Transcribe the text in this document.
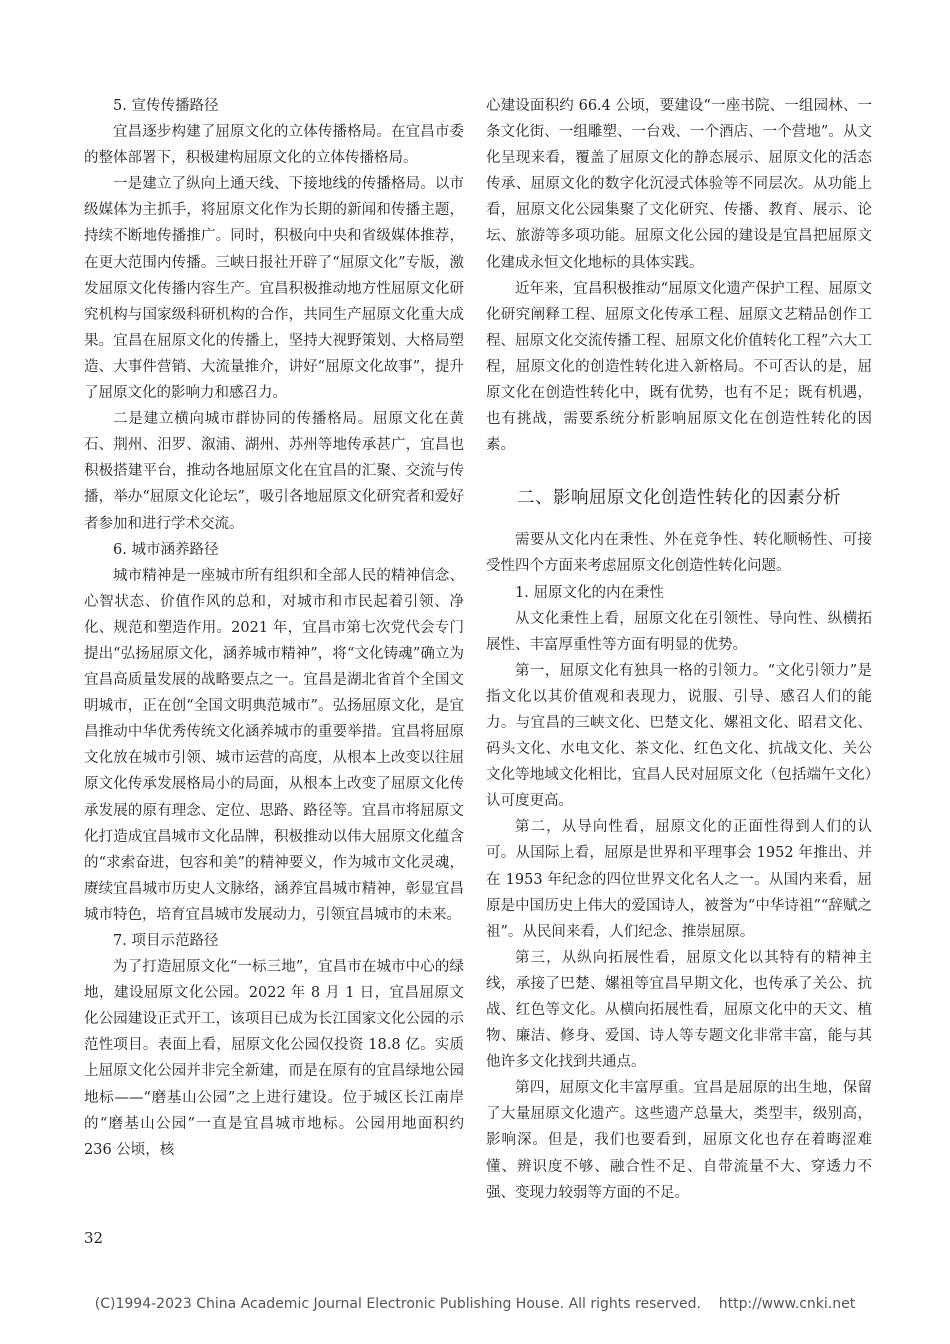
5. 宣传传播路径

宜昌逐步构建了屈原文化的立体传播格局。在宜昌市委的整体部署下，积极建构屈原文化的立体传播格局。

一是建立了纵向上通天线、下接地线的传播格局。以市级媒体为主抓手，将屈原文化作为长期的新闻和传播主题，持续不断地传播推广。同时，积极向中央和省级媒体推荐，在更大范围内传播。三峡日报社开辟了“屈原文化”专版，激发屈原文化传播内容生产。宜昌积极推动地方性屈原文化研究机构与国家级科研机构的合作，共同生产屈原文化重大成果。宜昌在屈原文化的传播上，坚持大视野策划、大格局塑造、大事件营销、大流量推介，讲好“屈原文化故事”，提升了屈原文化的影响力和感召力。

二是建立横向城市群协同的传播格局。屈原文化在黄石、荆州、汨罗、溆浦、湖州、苏州等地传承甚广，宜昌也积极搭建平台，推动各地屈原文化在宜昌的汇聚、交流与传播，举办“屈原文化论坛”，吸引各地屈原文化研究者和爱好者参加和进行学术交流。

6. 城市涵养路径

城市精神是一座城市所有组织和全部人民的精神信念、心智状态、价值作风的总和，对城市和市民起着引领、净化、规范和塑造作用。2021 年，宜昌市第七次党代会专门提出“弘扬屈原文化，涵养城市精神”，将“文化铸魂”确立为宜昌高质量发展的战略要点之一。宜昌是湖北省首个全国文明城市，正在创“全国文明典范城市”。弘扬屈原文化，是宜昌推动中华优秀传统文化涵养城市的重要举措。宜昌将屈原文化放在城市引领、城市运营的高度，从根本上改变以往屈原文化传承发展格局小的局面，从根本上改变了屈原文化传承发展的原有理念、定位、思路、路径等。宜昌市将屈原文化打造成宜昌城市文化品牌，积极推动以伟大屈原文化蕴含的“求索奋进，包容和美”的精神要义，作为城市文化灵魂，赓续宜昌城市历史人文脉络，涵养宜昌城市精神，彰显宜昌城市特色，培育宜昌城市发展动力，引领宜昌城市的未来。

7. 项目示范路径

为了打造屈原文化“一标三地”，宜昌市在城市中心的绿地，建设屈原文化公园。2022 年 8 月 1 日，宜昌屈原文化公园建设正式开工，该项目已成为长江国家文化公园的示范性项目。表面上看，屈原文化公园仅投资 18.8 亿。实质上屈原文化公园并非完全新建，而是在原有的宜昌绿地公园地标——“磨基山公园”之上进行建设。位于城区长江南岸的“磨基山公园”一直是宜昌城市地标。公园用地面积约 236 公顷，核

心建设面积约 66.4 公顷，要建设“一座书院、一组园林、一条文化街、一组雕塑、一台戏、一个酒店、一个营地”。从文化呈现来看，覆盖了屈原文化的静态展示、屈原文化的活态传承、屈原文化的数字化沉浸式体验等不同层次。从功能上看，屈原文化公园集聚了文化研究、传播、教育、展示、论坛、旅游等多项功能。屈原文化公园的建设是宜昌把屈原文化建成永恒文化地标的具体实践。

近年来，宜昌积极推动“屈原文化遗产保护工程、屈原文化研究阐释工程、屈原文化传承工程、屈原文艺精品创作工程、屈原文化交流传播工程、屈原文化价值转化工程”六大工程，屈原文化的创造性转化进入新格局。不可否认的是，屈原文化在创造性转化中，既有优势，也有不足；既有机遇，也有挑战，需要系统分析影响屈原文化在创造性转化的因素。

二、影响屈原文化创造性转化的因素分析

需要从文化内在秉性、外在竞争性、转化顺畅性、可接受性四个方面来考虑屈原文化创造性转化问题。

1. 屈原文化的内在秉性

从文化秉性上看，屈原文化在引领性、导向性、纵横拓展性、丰富厚重性等方面有明显的优势。

第一，屈原文化有独具一格的引领力。“文化引领力”是指文化以其价值观和表现力，说服、引导、感召人们的能力。与宜昌的三峡文化、巴楚文化、嫘祖文化、昭君文化、码头文化、水电文化、茶文化、红色文化、抗战文化、关公文化等地域文化相比，宜昌人民对屈原文化（包括端午文化）认可度更高。

第二，从导向性看，屈原文化的正面性得到人们的认可。从国际上看，屈原是世界和平理事会 1952 年推出、并在 1953 年纪念的四位世界文化名人之一。从国内来看，屈原是中国历史上伟大的爱国诗人，被誉为“中华诗祖”“辞赋之祖”。从民间来看，人们纪念、推崇屈原。

第三，从纵向拓展性看，屈原文化以其特有的精神主线，承接了巴楚、嫘祖等宜昌早期文化，也传承了关公、抗战、红色等文化。从横向拓展性看，屈原文化中的天文、植物、廉洁、修身、爱国、诗人等专题文化非常丰富，能与其他许多文化找到共通点。

第四，屈原文化丰富厚重。宜昌是屈原的出生地，保留了大量屈原文化遗产。这些遗产总量大，类型丰，级别高，影响深。但是，我们也要看到，屈原文化也存在着晦涩难懂、辨识度不够、融合性不足、自带流量不大、穿透力不强、变现力较弱等方面的不足。

32
(C)1994-2023 China Academic Journal Electronic Publishing House. All rights reserved.    http://www.cnki.net
